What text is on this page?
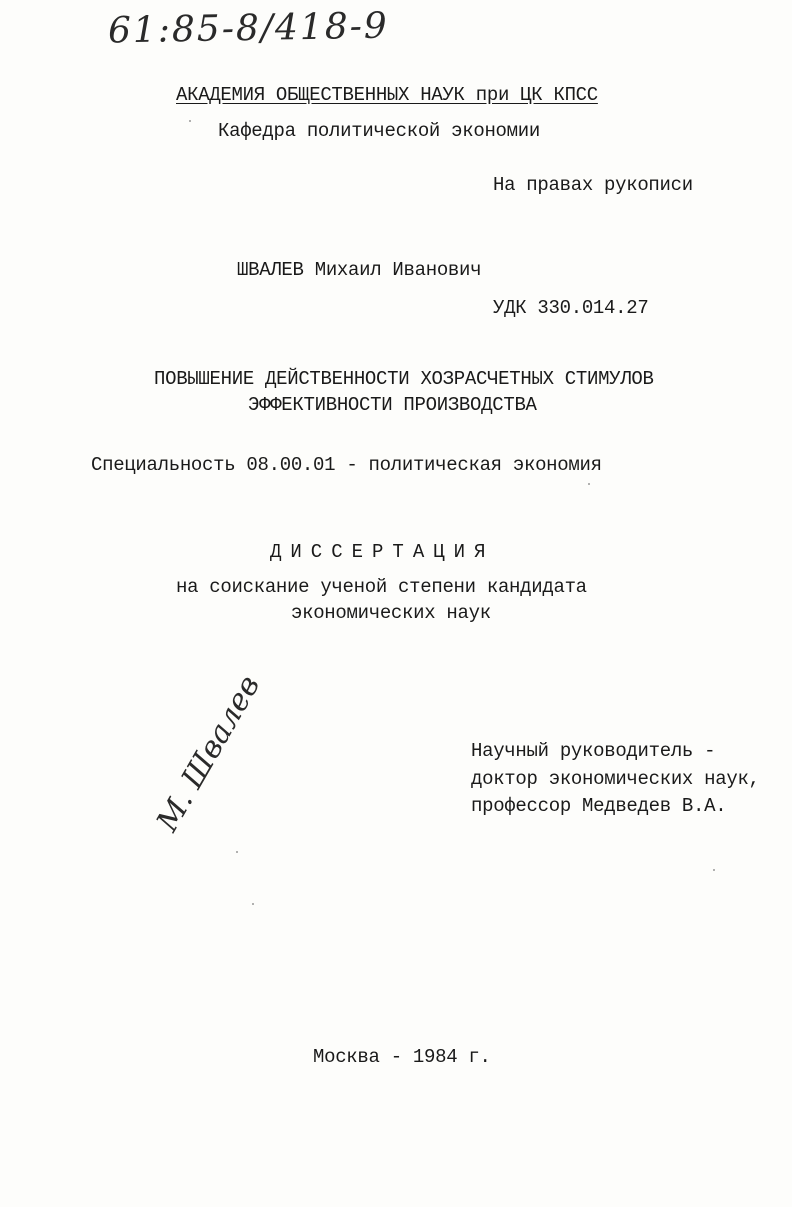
61:85-8/418-9
АКАДЕМИЯ ОБЩЕСТВЕННЫХ НАУК при ЦК КПСС
Кафедра политической экономии
На правах рукописи
ШВАЛЕВ Михаил Иванович
УДК 330.014.27
ПОВЫШЕНИЕ ДЕЙСТВЕННОСТИ ХОЗРАСЧЕТНЫХ СТИМУЛОВ
ЭФФЕКТИВНОСТИ ПРОИЗВОДСТВА
Специальность 08.00.01 - политическая экономия
ДИССЕРТАЦИЯ
на соискание ученой степени кандидата
экономических наук
М. Швалев	Научный руководитель -
доктор экономических наук,
профессор Медведев В.А.
Москва - 1984 г.
